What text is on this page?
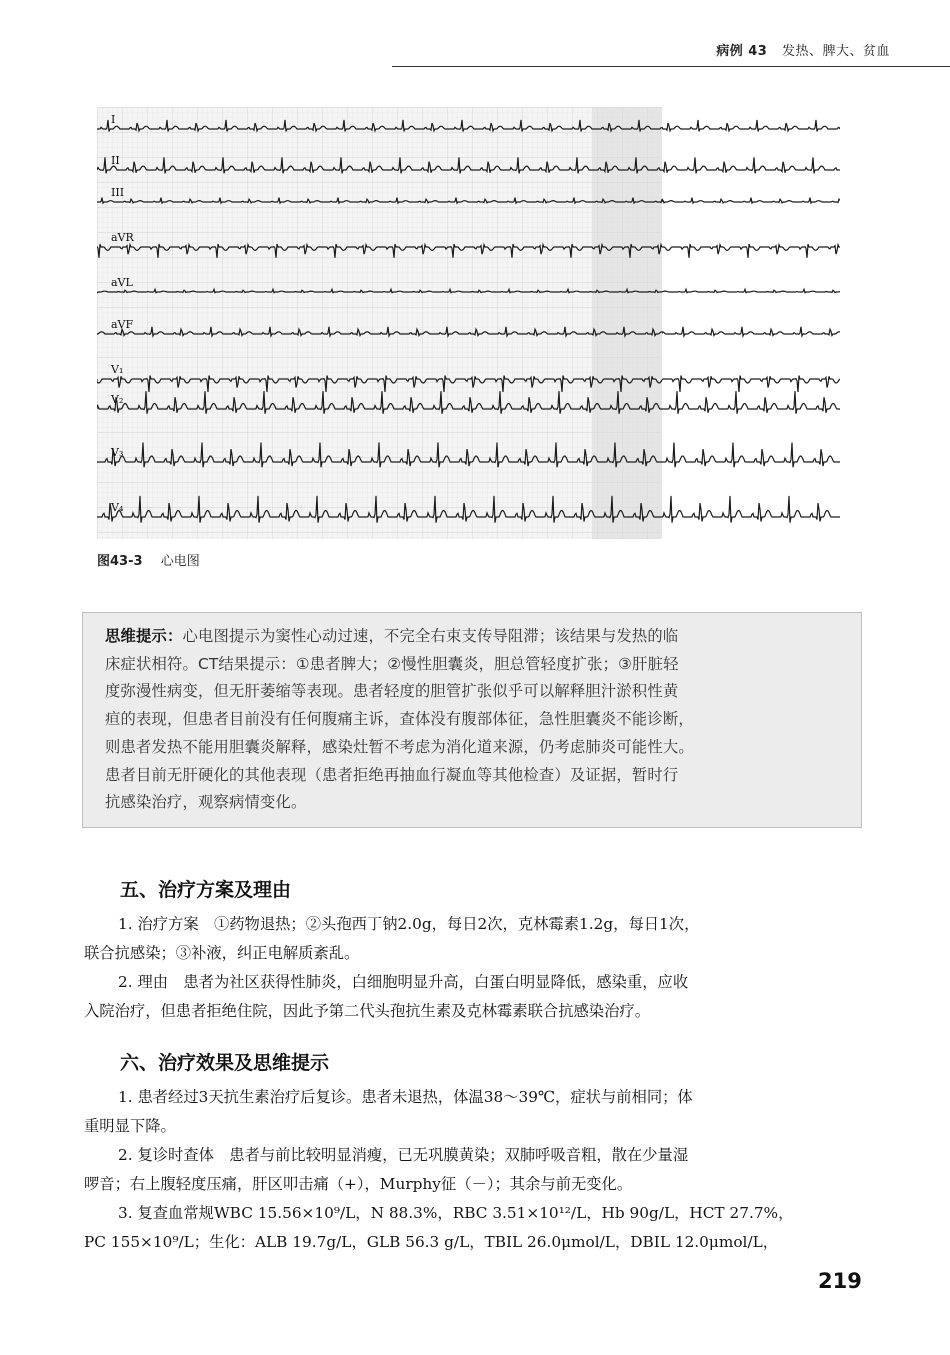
病例 43 发热、脾大、贫血
I
II
III
aVR
aVL
aVF
V₁
V₂
V₃
V₄
图43-3 心电图
思维提示：心电图提示为窦性心动过速，不完全右束支传导阻滞；该结果与发热的临
床症状相符。CT结果提示：①患者脾大；②慢性胆囊炎，胆总管轻度扩张；③肝脏轻
度弥漫性病变，但无肝萎缩等表现。患者轻度的胆管扩张似乎可以解释胆汁淤积性黄
疸的表现，但患者目前没有任何腹痛主诉，查体没有腹部体征，急性胆囊炎不能诊断，
则患者发热不能用胆囊炎解释，感染灶暂不考虑为消化道来源，仍考虑肺炎可能性大。
患者目前无肝硬化的其他表现（患者拒绝再抽血行凝血等其他检查）及证据，暂时行
抗感染治疗，观察病情变化。
五、治疗方案及理由
1. 治疗方案　①药物退热；②头孢西丁钠2.0g，每日2次，克林霉素1.2g，每日1次，
联合抗感染；③补液，纠正电解质紊乱。
2. 理由　患者为社区获得性肺炎，白细胞明显升高，白蛋白明显降低，感染重，应收
入院治疗，但患者拒绝住院，因此予第二代头孢抗生素及克林霉素联合抗感染治疗。
六、治疗效果及思维提示
1. 患者经过3天抗生素治疗后复诊。患者未退热，体温38～39℃，症状与前相同；体
重明显下降。
2. 复诊时查体　患者与前比较明显消瘦，已无巩膜黄染；双肺呼吸音粗，散在少量湿
啰音；右上腹轻度压痛，肝区叩击痛（+），Murphy征（－）；其余与前无变化。
3. 复查血常规WBC 15.56×10⁹/L，N 88.3%，RBC 3.51×10¹²/L，Hb 90g/L，HCT 27.7%，
PC 155×10⁹/L；生化：ALB 19.7g/L，GLB 56.3 g/L，TBIL 26.0μmol/L，DBIL 12.0μmol/L，
219
